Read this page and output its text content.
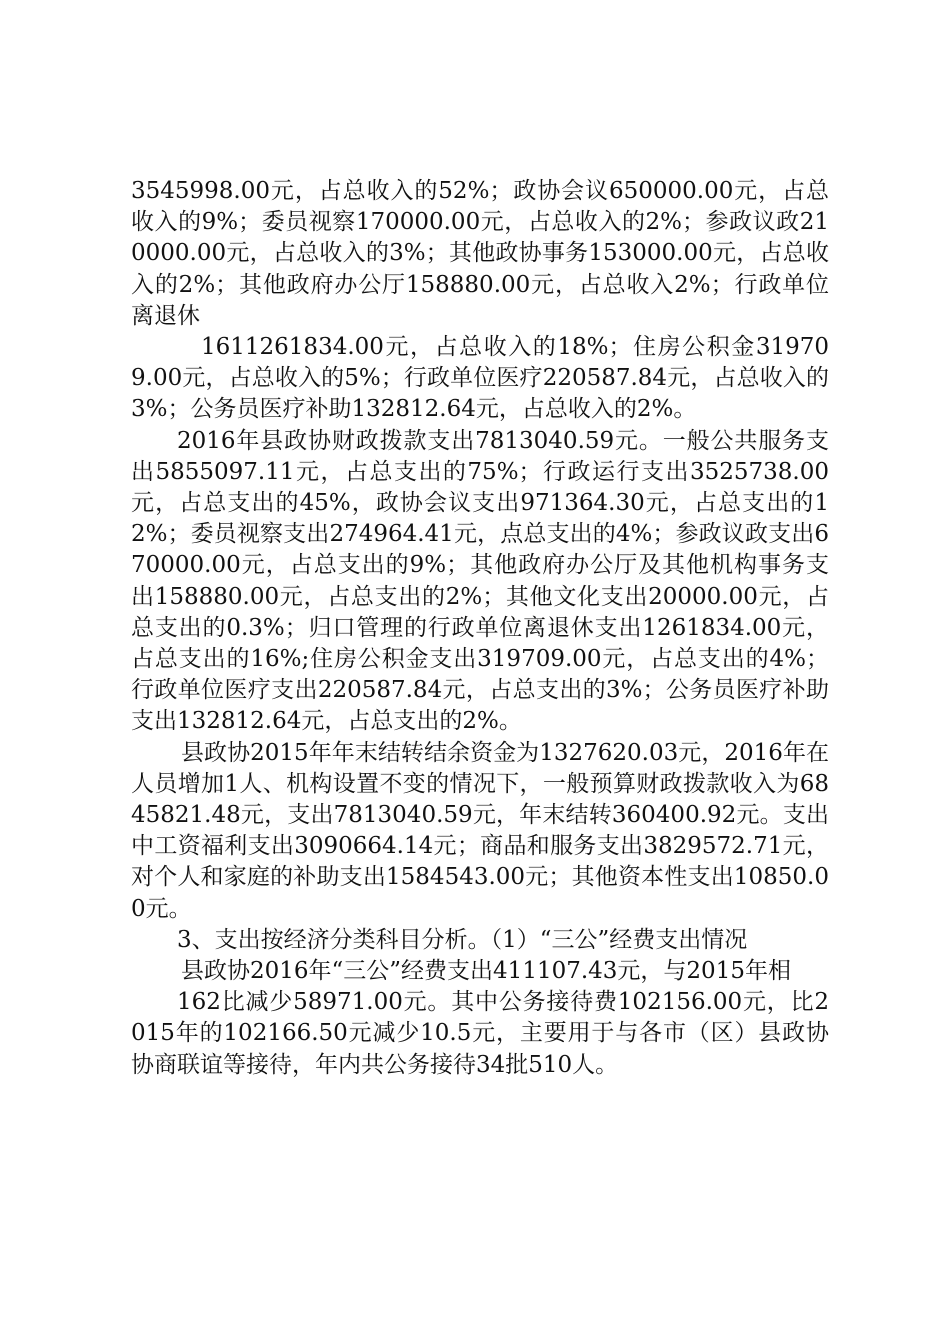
3545998.00元，占总收入的52%；政协会议650000.00元，占总收入的9%；委员视察170000.00元，占总收入的2%；参政议政210000.00元，占总收入的3%；其他政协事务153000.00元，占总收入的2%；其他政府办公厅158880.00元，占总收入2%；行政单位离退休

1611261834.00元，占总收入的18%；住房公积金319709.00元，占总收入的5%；行政单位医疗220587.84元，占总收入的3%；公务员医疗补助132812.64元，占总收入的2%。

2016年县政协财政拨款支出7813040.59元。一般公共服务支出5855097.11元，占总支出的75%；行政运行支出3525738.00元，占总支出的45%，政协会议支出971364.30元，占总支出的12%；委员视察支出274964.41元，点总支出的4%；参政议政支出670000.00元，占总支出的9%；其他政府办公厅及其他机构事务支出158880.00元，占总支出的2%；其他文化支出20000.00元，占总支出的0.3%；归口管理的行政单位离退休支出1261834.00元，占总支出的16%;住房公积金支出319709.00元，占总支出的4%；行政单位医疗支出220587.84元，占总支出的3%；公务员医疗补助支出132812.64元，占总支出的2%。

县政协2015年年末结转结余资金为1327620.03元，2016年在人员增加1人、机构设置不变的情况下，一般预算财政拨款收入为6845821.48元，支出7813040.59元，年末结转360400.92元。支出中工资福利支出3090664.14元；商品和服务支出3829572.71元，对个人和家庭的补助支出1584543.00元；其他资本性支出10850.00元。

3、支出按经济分类科目分析。（1）“三公”经费支出情况

县政协2016年“三公”经费支出411107.43元，与2015年相

162比减少58971.00元。其中公务接待费102156.00元，比2015年的102166.50元减少10.5元，主要用于与各市（区）县政协协商联谊等接待，年内共公务接待34批510人。
